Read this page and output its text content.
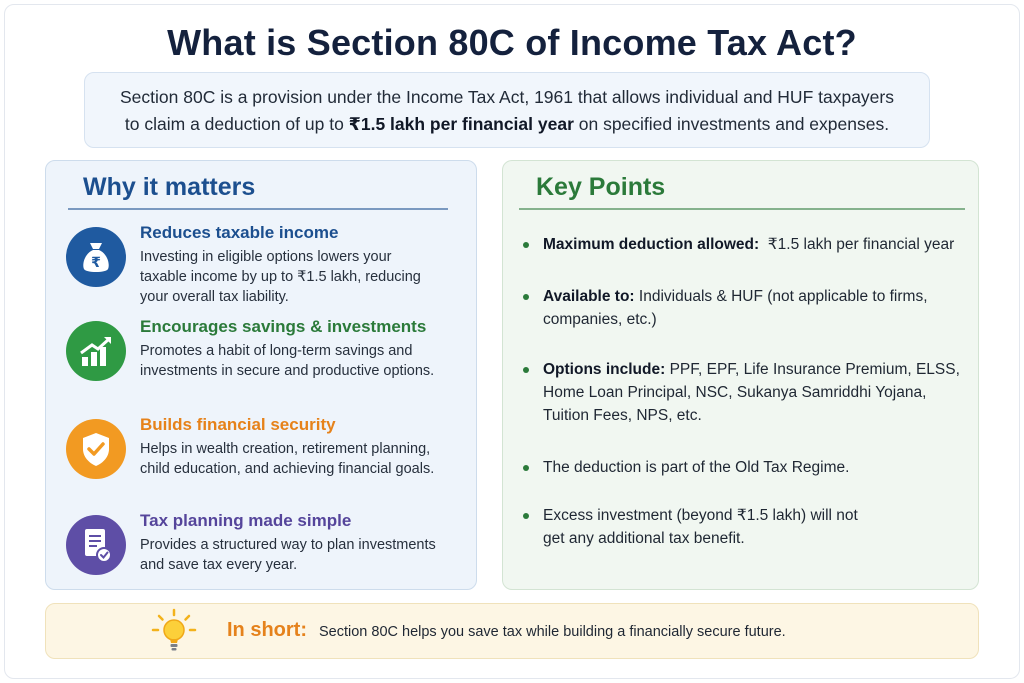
What is Section 80C of Income Tax Act?
Section 80C is a provision under the Income Tax Act, 1961 that allows individual and HUF taxpayers
to claim a deduction of up to ₹1.5 lakh per financial year on specified investments and expenses.
Why it matters
₹
Reduces taxable income
Investing in eligible options lowers your taxable income by up to ₹1.5 lakh, reducing your overall tax liability.
Encourages savings & investments
Promotes a habit of long-term savings and investments in secure and productive options.
Builds financial security
Helps in wealth creation, retirement planning, child education, and achieving financial goals.
Tax planning made simple
Provides a structured way to plan investments and save tax every year.
Key Points
Maximum deduction allowed: ₹1.5 lakh per financial year
Available to: Individuals & HUF (not applicable to firms, companies, etc.)
Options include: PPF, EPF, Life Insurance Premium, ELSS, Home Loan Principal, NSC, Sukanya Samriddhi Yojana, Tuition Fees, NPS, etc.
The deduction is part of the Old Tax Regime.
Excess investment (beyond ₹1.5 lakh) will not get any additional tax benefit.
In short: Section 80C helps you save tax while building a financially secure future.
